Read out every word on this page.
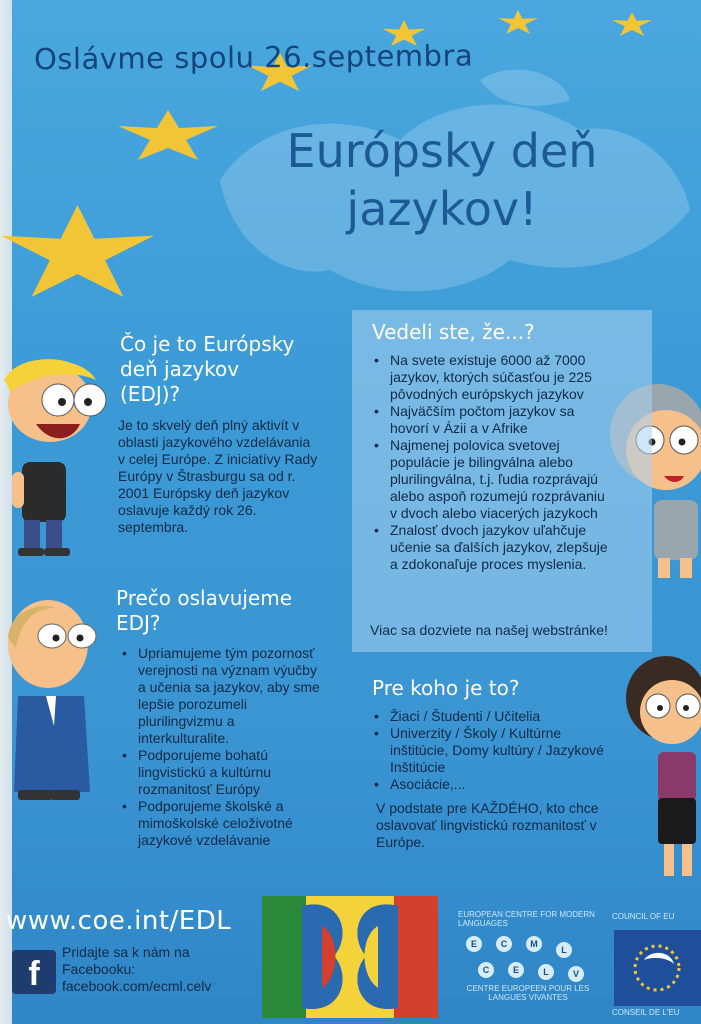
Oslávme spolu 26.septembra
Európsky deň jazykov!
Čo je to Európsky deň jazykov (EDJ)?
Je to skvelý deň plný aktivít v oblasti jazykového vzdelávania v celej Európe. Z iniciatívy Rady Európy v Štrasburgu sa od r. 2001 Európsky deň jazykov oslavuje každý rok 26. septembra.
Prečo oslavujeme EDJ?
• Upriamujeme tým pozornosť verejnosti na význam výučby a učenia sa jazykov, aby sme lepšie porozumeli plurilingvizmu a interkulturalite.
• Podporujeme bohatú lingvistickú a kultúrnu rozmanitosť Európy
• Podporujeme školské a mimoškolské celoživotné jazykové vzdelávanie
Vedeli ste, že...?
• Na svete existuje 6000 až 7000 jazykov, ktorých súčasťou je 225 pôvodných európskych jazykov
• Najväčším počtom jazykov sa hovorí v Ázii a v Afrike
• Najmenej polovica svetovej populácie je bilingválna alebo plurilingválna, t.j. ľudia rozprávajú alebo aspoň rozumejú rozprávaniu v dvoch alebo viacerých jazykoch
• Znalosť dvoch jazykov uľahčuje učenie sa ďalších jazykov, zlepšuje a zdokonaľuje proces myslenia.
Viac sa dozviete na našej webstránke!
Pre koho je to?
• Žiaci / Študenti / Učitelia
• Univerzity / Školy / Kultúrne inštitúcie, Domy kultúry / Jazykové Inštitúcie
• Asociácie,...
V podstate pre KAŽDÉHO, kto chce oslavovať lingvistickú rozmanitosť v Európe.
www.coe.int/EDL
f
Pridajte sa k nám na Facebooku: facebook.com/ecml.celv
EUROPEAN CENTRE FOR MODERN LANGUAGES
E	C	M
L
C	E	L	V
CENTRE EUROPEEN POUR LES LANGUES VIVANTES
COUNCIL OF EU
CONSEIL DE L'EU
